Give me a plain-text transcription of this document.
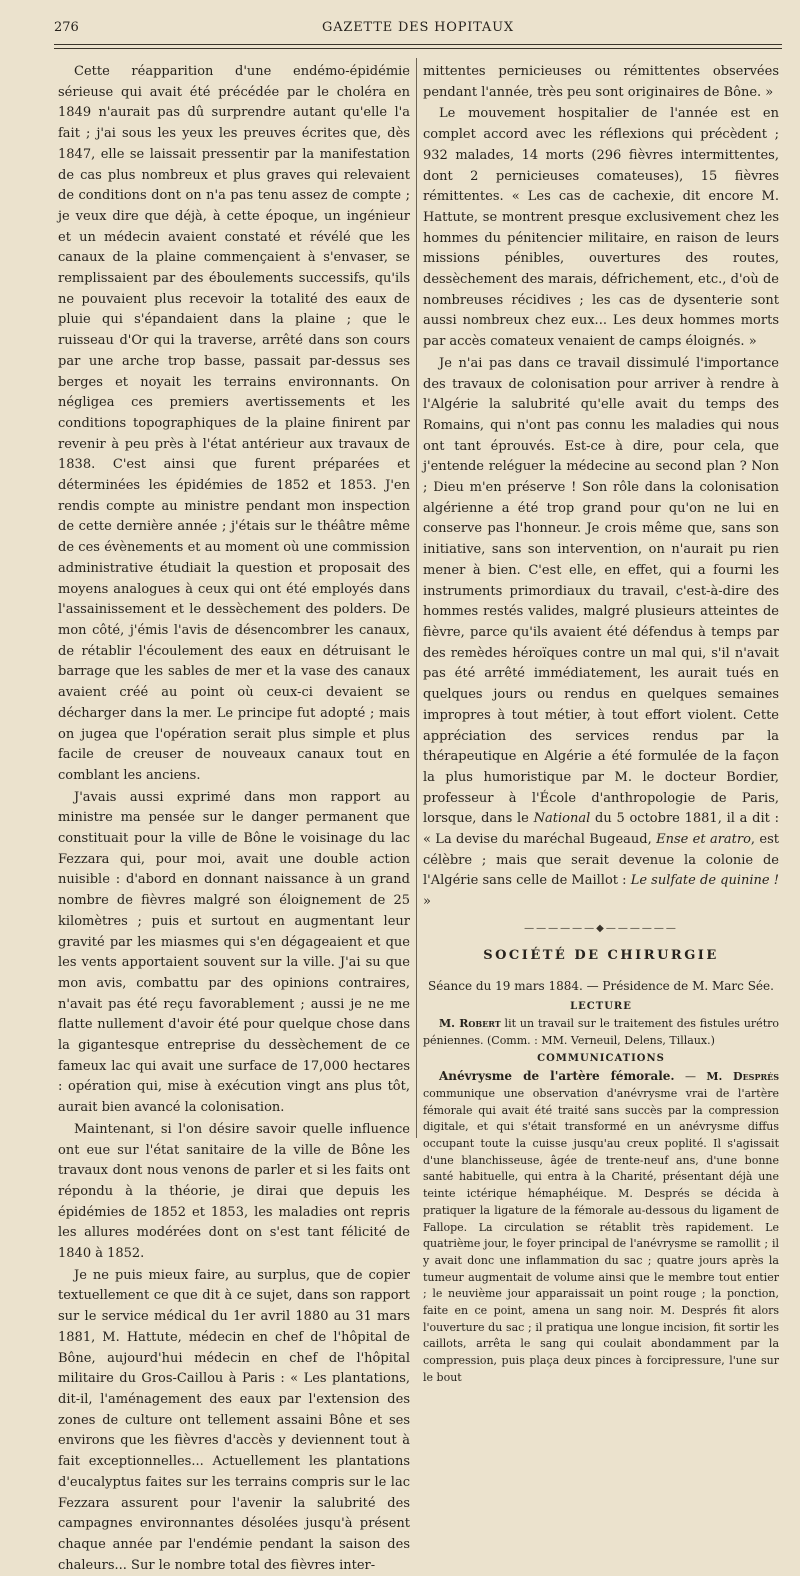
276	GAZETTE DES HOPITAUX

Cette réapparition d'une endémo-épidémie sérieuse qui avait été précédée par le choléra en 1849 n'aurait pas dû surprendre autant qu'elle l'a fait ; j'ai sous les yeux les preuves écrites que, dès 1847, elle se laissait pressentir par la manifestation de cas plus nombreux et plus graves qui relevaient de conditions dont on n'a pas tenu assez de compte ; je veux dire que déjà, à cette époque, un ingénieur et un médecin avaient constaté et révélé que les canaux de la plaine commençaient à s'envaser, se remplissaient par des éboulements successifs, qu'ils ne pouvaient plus recevoir la totalité des eaux de pluie qui s'épandaient dans la plaine ; que le ruisseau d'Or qui la traverse, arrêté dans son cours par une arche trop basse, passait par-dessus ses berges et noyait les terrains environnants. On négligea ces premiers avertissements et les conditions topographiques de la plaine finirent par revenir à peu près à l'état antérieur aux travaux de 1838. C'est ainsi que furent préparées et déterminées les épidémies de 1852 et 1853. J'en rendis compte au ministre pendant mon inspection de cette dernière année ; j'étais sur le théâtre même de ces évènements et au moment où une commission administrative étudiait la question et proposait des moyens analogues à ceux qui ont été employés dans l'assainissement et le dessèchement des polders. De mon côté, j'émis l'avis de désencombrer les canaux, de rétablir l'écoulement des eaux en détruisant le barrage que les sables de mer et la vase des canaux avaient créé au point où ceux-ci devaient se décharger dans la mer. Le principe fut adopté ; mais on jugea que l'opération serait plus simple et plus facile de creuser de nouveaux canaux tout en comblant les anciens.

J'avais aussi exprimé dans mon rapport au ministre ma pensée sur le danger permanent que constituait pour la ville de Bône le voisinage du lac Fezzara qui, pour moi, avait une double action nuisible : d'abord en donnant naissance à un grand nombre de fièvres malgré son éloignement de 25 kilomètres ; puis et surtout en augmentant leur gravité par les miasmes qui s'en dégageaient et que les vents apportaient souvent sur la ville. J'ai su que mon avis, combattu par des opinions contraires, n'avait pas été reçu favorablement ; aussi je ne me flatte nullement d'avoir été pour quelque chose dans la gigantesque entreprise du dessèchement de ce fameux lac qui avait une surface de 17,000 hectares : opération qui, mise à exécution vingt ans plus tôt, aurait bien avancé la colonisation.

Maintenant, si l'on désire savoir quelle influence ont eue sur l'état sanitaire de la ville de Bône les travaux dont nous venons de parler et si les faits ont répondu à la théorie, je dirai que depuis les épidémies de 1852 et 1853, les maladies ont repris les allures modérées dont on s'est tant félicité de 1840 à 1852.

Je ne puis mieux faire, au surplus, que de copier textuellement ce que dit à ce sujet, dans son rapport sur le service médical du 1er avril 1880 au 31 mars 1881, M. Hattute, médecin en chef de l'hôpital de Bône, aujourd'hui médecin en chef de l'hôpital militaire du Gros-Caillou à Paris : « Les plantations, dit-il, l'aménagement des eaux par l'extension des zones de culture ont tellement assaini Bône et ses environs que les fièvres d'accès y deviennent tout à fait exceptionnelles... Actuellement les plantations d'eucalyptus faites sur les terrains compris sur le lac Fezzara assurent pour l'avenir la salubrité des campagnes environnantes désolées jusqu'à présent chaque année par l'endémie pendant la saison des chaleurs... Sur le nombre total des fièvres inter-

mittentes pernicieuses ou rémittentes observées pendant l'année, très peu sont originaires de Bône. »

Le mouvement hospitalier de l'année est en complet accord avec les réflexions qui précèdent ; 932 malades, 14 morts (296 fièvres intermittentes, dont 2 pernicieuses comateuses), 15 fièvres rémittentes. « Les cas de cachexie, dit encore M. Hattute, se montrent presque exclusivement chez les hommes du pénitencier militaire, en raison de leurs missions pénibles, ouvertures des routes, dessèchement des marais, défrichement, etc., d'où de nombreuses récidives ; les cas de dysenterie sont aussi nombreux chez eux... Les deux hommes morts par accès comateux venaient de camps éloignés. »

Je n'ai pas dans ce travail dissimulé l'importance des travaux de colonisation pour arriver à rendre à l'Algérie la salubrité qu'elle avait du temps des Romains, qui n'ont pas connu les maladies qui nous ont tant éprouvés. Est-ce à dire, pour cela, que j'entende reléguer la médecine au second plan ? Non ; Dieu m'en préserve ! Son rôle dans la colonisation algérienne a été trop grand pour qu'on ne lui en conserve pas l'honneur. Je crois même que, sans son initiative, sans son intervention, on n'aurait pu rien mener à bien. C'est elle, en effet, qui a fourni les instruments primordiaux du travail, c'est-à-dire des hommes restés valides, malgré plusieurs atteintes de fièvre, parce qu'ils avaient été défendus à temps par des remèdes héroïques contre un mal qui, s'il n'avait pas été arrêté immédiatement, les aurait tués en quelques jours ou rendus en quelques semaines impropres à tout métier, à tout effort violent. Cette appréciation des services rendus par la thérapeutique en Algérie a été formulée de la façon la plus humoristique par M. le docteur Bordier, professeur à l'École d'anthropologie de Paris, lorsque, dans le National du 5 octobre 1881, il a dit : « La devise du maréchal Bugeaud, Ense et aratro, est célèbre ; mais que serait devenue la colonie de l'Algérie sans celle de Maillot : Le sulfate de quinine ! »

——————◆——————
SOCIÉTÉ DE CHIRURGIE
Séance du 19 mars 1884. — Présidence de M. Marc Sée.
LECTURE

M. Robert lit un travail sur le traitement des fistules urétro péniennes. (Comm. : MM. Verneuil, Delens, Tillaux.)

COMMUNICATIONS

Anévrysme de l'artère fémorale. — M. Després communique une observation d'anévrysme vrai de l'artère fémorale qui avait été traité sans succès par la compression digitale, et qui s'était transformé en un anévrysme diffus occupant toute la cuisse jusqu'au creux poplité. Il s'agissait d'une blanchisseuse, âgée de trente-neuf ans, d'une bonne santé habituelle, qui entra à la Charité, présentant déjà une teinte ictérique hémaphéique. M. Després se décida à pratiquer la ligature de la fémorale au-dessous du ligament de Fallope. La circulation se rétablit très rapidement. Le quatrième jour, le foyer principal de l'anévrysme se ramollit ; il y avait donc une inflammation du sac ; quatre jours après la tumeur augmentait de volume ainsi que le membre tout entier ; le neuvième jour apparaissait un point rouge ; la ponction, faite en ce point, amena un sang noir. M. Després fit alors l'ouverture du sac ; il pratiqua une longue incision, fit sortir les caillots, arrêta le sang qui coulait abondamment par la compression, puis plaça deux pinces à forcipressure, l'une sur le bout
